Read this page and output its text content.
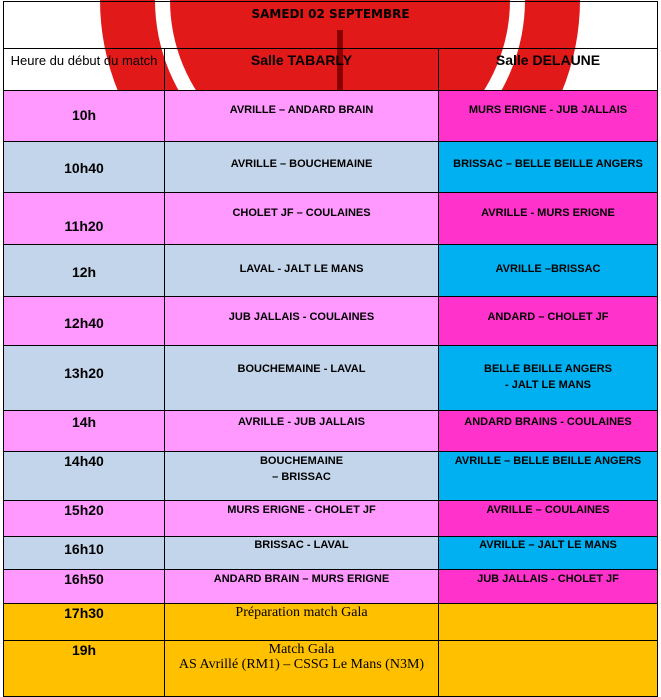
SAMEDI 02 SEPTEMBRE		

Heure du début du match	Salle TABARLY	Salle DELAUNE

10h	AVRILLE – ANDARD BRAIN	MURS ERIGNE - JUB JALLAIS

10h40	AVRILLE – BOUCHEMAINE	BRISSAC – BELLE BEILLE ANGERS

11h20	CHOLET JF – COULAINES	AVRILLE - MURS ERIGNE

12h	LAVAL - JALT LE MANS	AVRILLE –BRISSAC

12h40	JUB JALLAIS - COULAINES	ANDARD – CHOLET JF

13h20	BOUCHEMAINE - LAVAL	BELLE BEILLE ANGERS
- JALT LE MANS

14h	AVRILLE - JUB JALLAIS	ANDARD BRAINS - COULAINES

14h40	BOUCHEMAINE
– BRISSAC	AVRILLE – BELLE BEILLE ANGERS

15h20	MURS ERIGNE - CHOLET JF	AVRILLE – COULAINES

16h10	BRISSAC - LAVAL	AVRILLE – JALT LE MANS

16h50	ANDARD BRAIN – MURS ERIGNE	JUB JALLAIS - CHOLET JF

17h30	Préparation match Gala	

19h	Match Gala
AS Avrillé (RM1) – CSSG Le Mans (N3M)	
